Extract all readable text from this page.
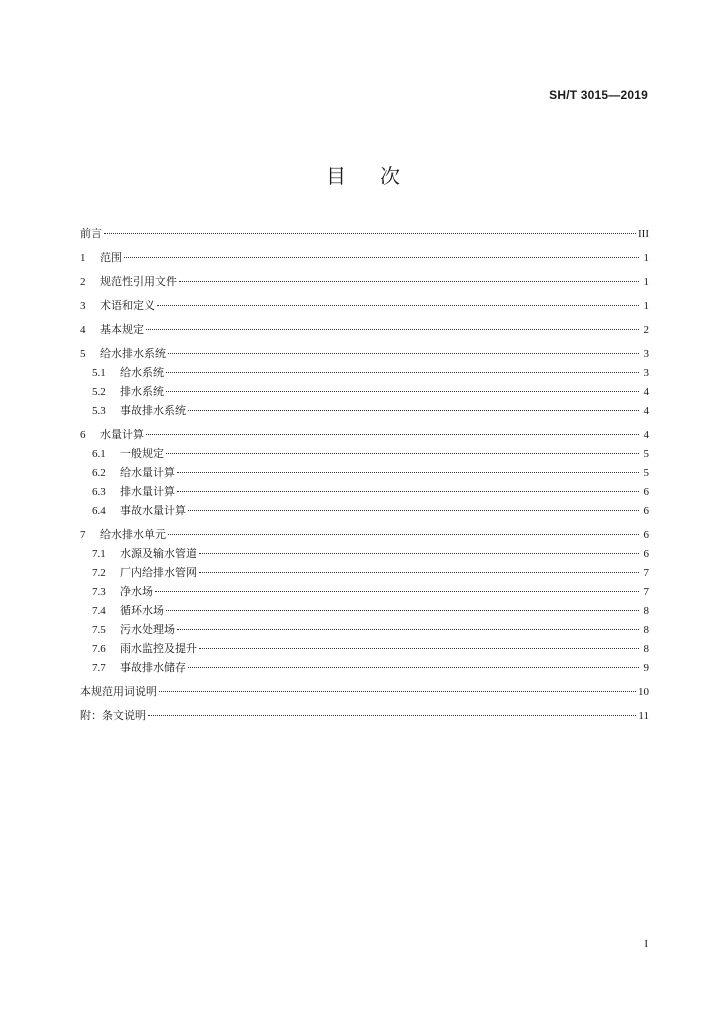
SH/T 3015—2019
目次
前言	III
1	范围	1
2	规范性引用文件	1
3	术语和定义	1
4	基本规定	2
5	给水排水系统	3
5.1	给水系统	3
5.2	排水系统	4
5.3	事故排水系统	4
6	水量计算	4
6.1	一般规定	5
6.2	给水量计算	5
6.3	排水量计算	6
6.4	事故水量计算	6
7	给水排水单元	6
7.1	水源及输水管道	6
7.2	厂内给排水管网	7
7.3	净水场	7
7.4	循环水场	8
7.5	污水处理场	8
7.6	雨水监控及提升	8
7.7	事故排水储存	9
本规范用词说明	10
附：条文说明	11
I
